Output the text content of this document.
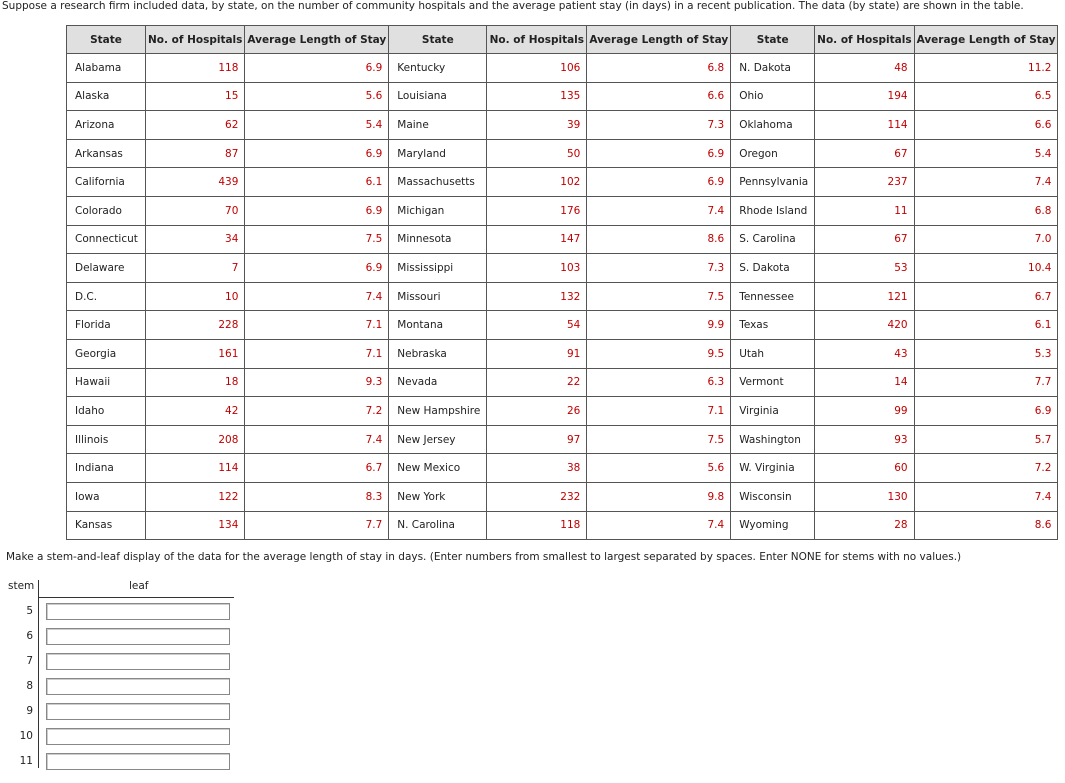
Suppose a research firm included data, by state, on the number of community hospitals and the average patient stay (in days) in a recent publication. The data (by state) are shown in the table.
State	No. of Hospitals	Average Length of Stay	State	No. of Hospitals	Average Length of Stay	State	No. of Hospitals	Average Length of Stay
Alabama	118	6.9	Kentucky	106	6.8	N. Dakota	48	11.2
Alaska	15	5.6	Louisiana	135	6.6	Ohio	194	6.5
Arizona	62	5.4	Maine	39	7.3	Oklahoma	114	6.6
Arkansas	87	6.9	Maryland	50	6.9	Oregon	67	5.4
California	439	6.1	Massachusetts	102	6.9	Pennsylvania	237	7.4
Colorado	70	6.9	Michigan	176	7.4	Rhode Island	11	6.8
Connecticut	34	7.5	Minnesota	147	8.6	S. Carolina	67	7.0
Delaware	7	6.9	Mississippi	103	7.3	S. Dakota	53	10.4
D.C.	10	7.4	Missouri	132	7.5	Tennessee	121	6.7
Florida	228	7.1	Montana	54	9.9	Texas	420	6.1
Georgia	161	7.1	Nebraska	91	9.5	Utah	43	5.3
Hawaii	18	9.3	Nevada	22	6.3	Vermont	14	7.7
Idaho	42	7.2	New Hampshire	26	7.1	Virginia	99	6.9
Illinois	208	7.4	New Jersey	97	7.5	Washington	93	5.7
Indiana	114	6.7	New Mexico	38	5.6	W. Virginia	60	7.2
Iowa	122	8.3	New York	232	9.8	Wisconsin	130	7.4
Kansas	134	7.7	N. Carolina	118	7.4	Wyoming	28	8.6
Make a stem-and-leaf display of the data for the average length of stay in days. (Enter numbers from smallest to largest separated by spaces. Enter NONE for stems with no values.)
stem	leaf
5
6
7
8
9
10
11
